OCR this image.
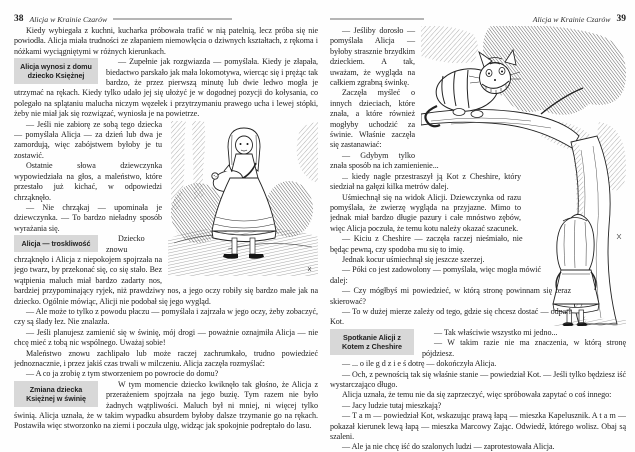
38 Alicja w Krainie Czarów

Kiedy wybiegała z kuchni, kucharka próbowała trafić w nią patelnią, lecz próba się nie powiodła. Alicja miała trudności ze złapaniem niemowlęcia o dziwnych kształtach, z rękoma i nóżkami wyciągniętymi w różnych kierunkach.

Alicja wynosi z domu dziecko Księżnej

— Zupełnie jak rozgwiazda — pomyślała. Kiedy je złapała, biedactwo parskało jak mała lokomotywa, wiercąc się i prężąc tak bardzo, że przez pierwszą minutę lub dwie ledwo mogła je utrzymać na rękach. Kiedy tylko udało jej się ułożyć je w dogodnej pozycji do kołysania, co polegało na splątaniu malucha niczym węzełek i przytrzymaniu prawego ucha i lewej stópki, żeby nie miał jak się rozwiązać, wyniosła je na powietrze.

— Jeśli nie zabiorę ze sobą tego dziecka — pomyślała Alicja — za dzień lub dwa je zamordują, więc zabójstwem byłoby je tu zostawić.

Ostatnie słowa dziewczynka wypowiedziała na głos, a maleństwo, które przestało już kichać, w odpowiedzi chrząknęło.

— Nie chrząkaj — upominała je dziewczynka. — To bardzo nieładny sposób wyrażania się.

Alicja — troskliwość

Dziecko znowu chrząknęło i Alicja z niepokojem spojrzała na jego twarz, by przekonać się, co się stało. Bez wątpienia maluch miał bardzo zadarty nos, bardziej przypominający ryjek, niż prawdziwy nos, a jego oczy robiły się bardzo małe jak na dziecko. Ogólnie mówiąc, Alicji nie podobał się jego wygląd.

— Ale może to tylko z powodu płaczu — pomyślała i zajrzała w jego oczy, żeby zobaczyć, czy są ślady łez. Nie znalazła.

— Jeśli planujesz zamienić się w świnię, mój drogi — poważnie oznajmiła Alicja — nie chcę mieć z tobą nic wspólnego. Uważaj sobie!

Maleństwo znowu zachlipało lub może raczej zachrumkało, trudno powiedzieć jednoznacznie, i przez jakiś czas trwali w milczeniu. Alicja zaczęła rozmyślać:

— A co ja zrobię z tym stworzeniem po powrocie do domu?

Zmiana dziecka Księżnej w świnię

W tym momencie dziecko kwiknęło tak głośno, że Alicja z przerażeniem spojrzała na jego buzię. Tym razem nie było żadnych wątpliwości. Maluch był ni mniej, ni więcej tylko świnią. Alicja uznała, że w takim wypadku absurdem byłoby dalsze trzymanie go na rękach. Postawiła więc stworzonko na ziemi i poczuła ulgę, widząc jak spokojnie podreptało do lasu.

Alicja w Krainie Czarów 39

— Jeśliby dorosło — pomyślała Alicja — byłoby strasznie brzydkim dzieckiem. A tak, uważam, że wygląda na całkiem zgrabną świnkę.

Zaczęła myśleć o innych dzieciach, które znała, a które również mogłyby uchodzić za świnie. Właśnie zaczęła się zastanawiać:

— Gdybym tylko znała sposób na ich zamienienie...

... kiedy nagle przestraszył ją Kot z Cheshire, który siedział na gałęzi kilka metrów dalej.

Spotkanie Alicji z Kotem z Cheshire

Uśmiechnął się na widok Alicji. Dziewczynka od razu pomyślała, że zwierzę wygląda na przyjazne. Mimo to jednak miał bardzo długie pazury i całe mnóstwo zębów, więc Alicja poczuła, że temu kotu należy okazać szacunek.

— Kiciu z Cheshire — zaczęła raczej nieśmiało, nie będąc pewną, czy spodoba mu się to imię.

Jednak kocur uśmiechnął się jeszcze szerzej.

— Póki co jest zadowolony — pomyślała, więc mogła mówić dalej:

— Czy mógłbyś mi powiedzieć, w którą stronę powinnam się teraz skierować?

— To w dużej mierze zależy od tego, gdzie się chcesz dostać — odparł Kot.

— Tak właściwie wszystko mi jedno...

— W takim razie nie ma znaczenia, w którą stronę pójdziesz.

— ... o ile g d z i e ś dotrę — dokończyła Alicja.

— Och, z pewnością tak się właśnie stanie — powiedział Kot. — Jeśli tylko będziesz iść wystarczająco długo.

Alicja uznała, że temu nie da się zaprzeczyć, więc spróbowała zapytać o coś innego:

— Jacy ludzie tutaj mieszkają?

— T a m — powiedział Kot, wskazując prawą łapą — mieszka Kapelusznik. A t a m — pokazał kierunek lewą łapą — mieszka Marcowy Zając. Odwiedź, którego wolisz. Obaj są szaleni.

— Ale ja nie chcę iść do szalonych ludzi — zaprotestowała Alicja.
